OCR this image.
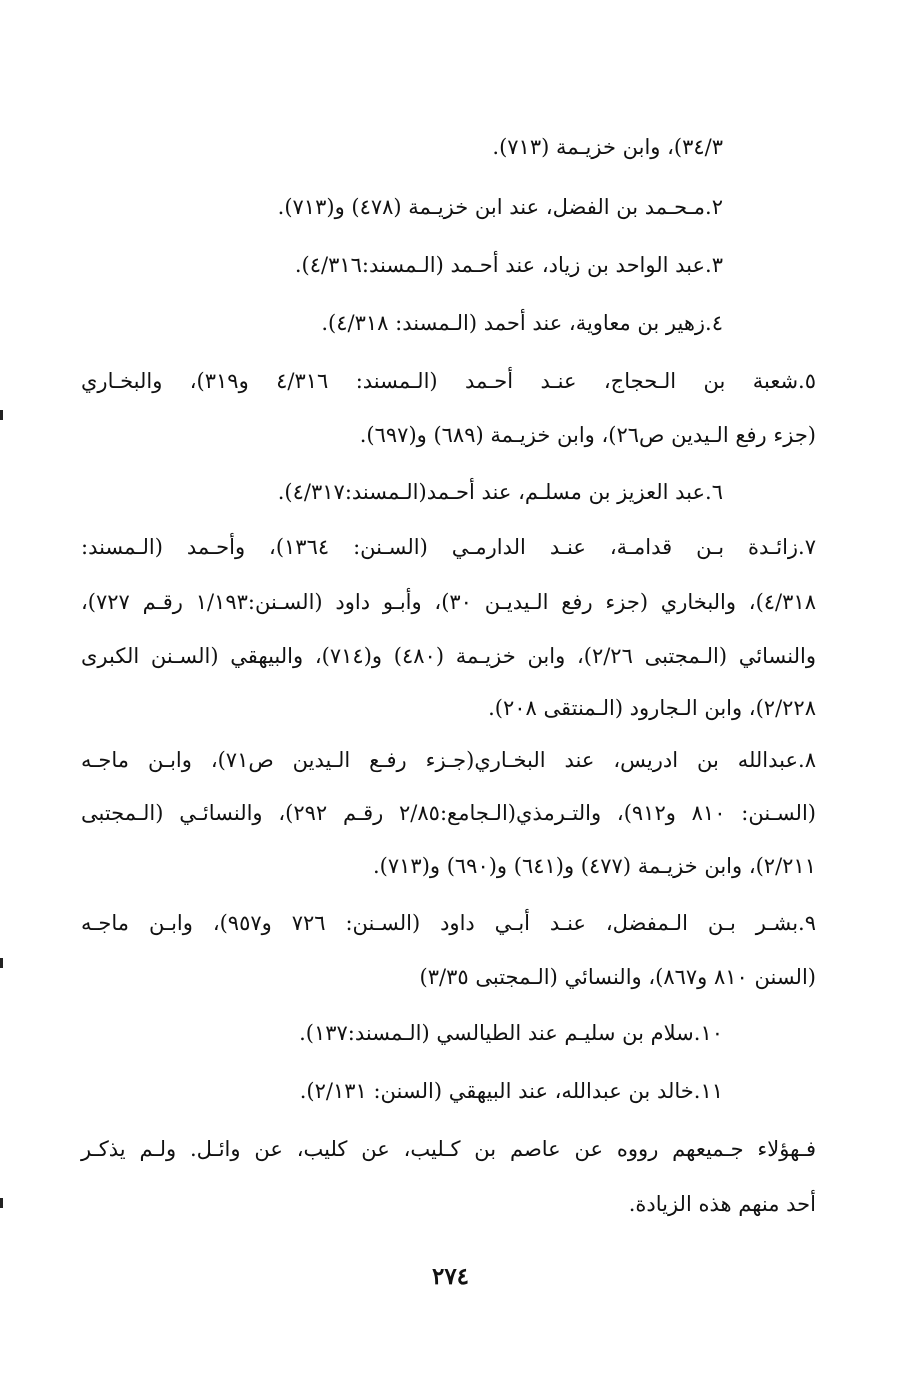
٣٤/٣)، وابن خزيـمة (٧١٣).
٢.مـحـمد بن الفضل، عند ابن خزيـمة (٤٧٨) و(٧١٣).
٣.عبد الواحد بن زياد، عند أحـمد (الـمسند:٤/٣١٦).
٤.زهير بن معاوية، عند أحمد (الـمسند: ٤/٣١٨).
٥.شعبة بن الـحجاج، عنـد أحـمد (الـمسند: ٤/٣١٦ و٣١٩)، والبخـاري
(جزء رفع الـيدين ص٢٦)، وابن خزيـمة (٦٨٩) و(٦٩٧).
٦.عبد العزيز بن مسلـم، عند أحـمد(الـمسند:٤/٣١٧).
٧.زائـدة بـن قدامـة، عنـد الدارمـي (السـنن: ١٣٦٤)، وأحـمد (الـمسند:
٤/٣١٨)، والبخاري (جزء رفع الـيديـن ٣٠)، وأبـو داود (السـنن:١/١٩٣ رقـم ٧٢٧)،
والنسائي (الـمجتبى ٢/٢٦)، وابن خزيـمة (٤٨٠) و(٧١٤)، والبيهقي (السـنن الكبرى
٢/٢٢٨)، وابن الـجارود (الـمنتقى ٢٠٨).
٨.عبدالله بن ادريس، عند البخـاري(جـزء رفـع الـيدين ص٧١)، وابـن ماجـه
(السـنن: ٨١٠ و٩١٢)، والتـرمذي(الـجامع:٢/٨٥ رقـم ٢٩٢)، والنسائـي (الـمجتبى
٢/٢١١)، وابن خزيـمة (٤٧٧) و(٦٤١) و(٦٩٠) و(٧١٣).
٩.بشـر بـن الـمفضل، عنـد أبـي داود (السـنن: ٧٢٦ و٩٥٧)، وابـن ماجـه
(السنن ٨١٠ و٨٦٧)، والنسائي (الـمجتبى ٣/٣٥)
١٠.سلام بن سليـم عند الطيالسي (الـمسند:١٣٧).
١١.خالد بن عبدالله، عند البيهقي (السنن: ٢/١٣١).
فـهؤلاء جـميعهم رووه عن عاصم بن كـليب، عن كليب، عن وائـل. ولـم يذكـر
أحد منهم هذه الزيادة.
٢٧٤
